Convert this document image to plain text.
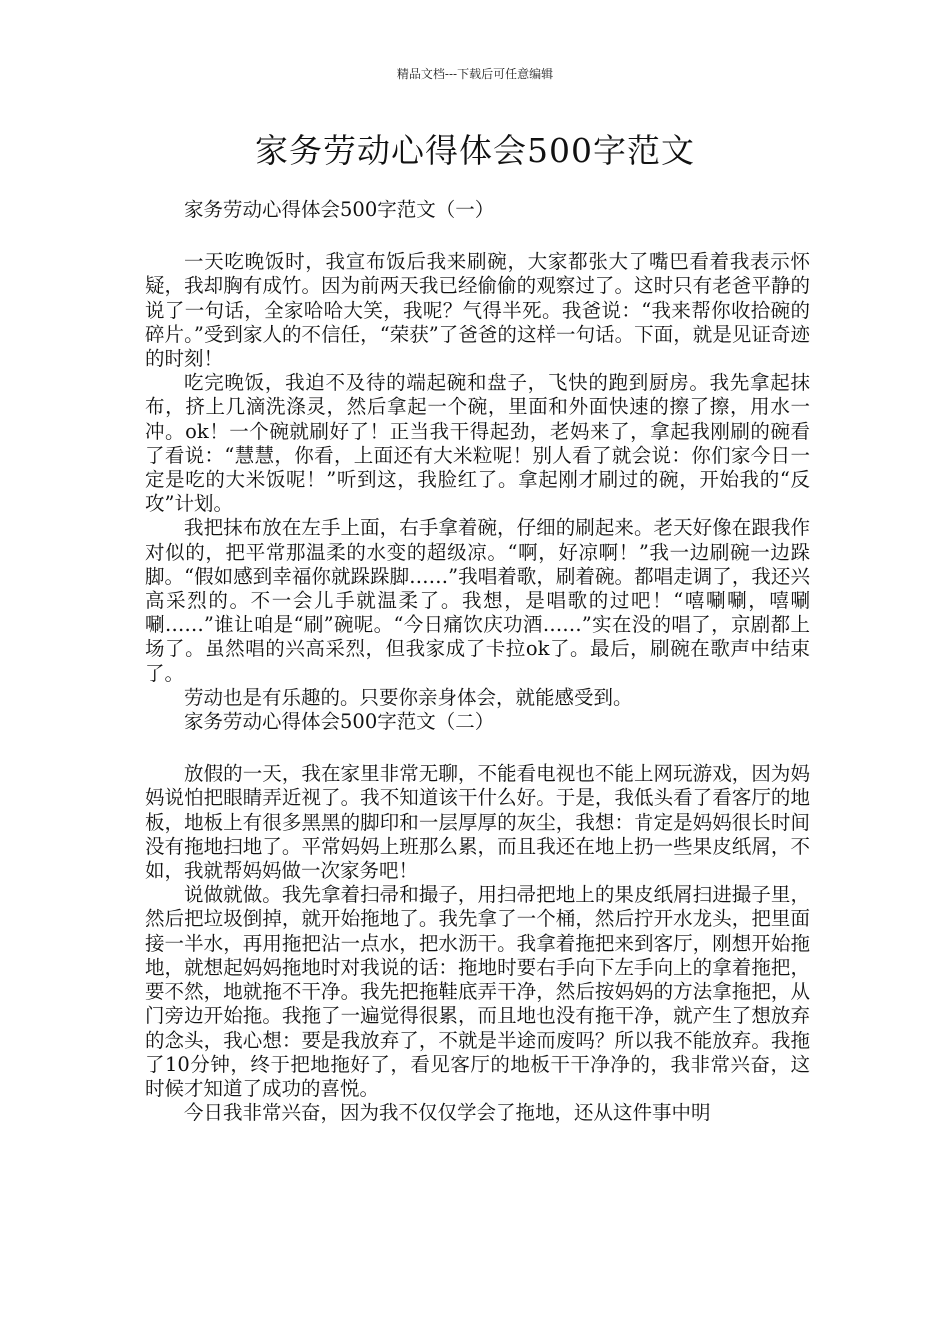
精品文档---下载后可任意编辑
家务劳动心得体会500字范文

家务劳动心得体会500字范文（一）

一天吃晚饭时，我宣布饭后我来刷碗，大家都张大了嘴巴看着我表示怀疑，我却胸有成竹。因为前两天我已经偷偷的观察过了。这时只有老爸平静的说了一句话，全家哈哈大笑，我呢？气得半死。我爸说：“我来帮你收拾碗的碎片。”受到家人的不信任，“荣获”了爸爸的这样一句话。下面，就是见证奇迹的时刻！

吃完晚饭，我迫不及待的端起碗和盘子，飞快的跑到厨房。我先拿起抹布，挤上几滴洗涤灵，然后拿起一个碗，里面和外面快速的擦了擦，用水一冲。ok！一个碗就刷好了！正当我干得起劲，老妈来了，拿起我刚刷的碗看了看说：“慧慧，你看，上面还有大米粒呢！别人看了就会说：你们家今日一定是吃的大米饭呢！”听到这，我脸红了。拿起刚才刷过的碗，开始我的“反攻”计划。

我把抹布放在左手上面，右手拿着碗，仔细的刷起来。老天好像在跟我作对似的，把平常那温柔的水变的超级凉。“啊，好凉啊！”我一边刷碗一边跺脚。“假如感到幸福你就跺跺脚……”我唱着歌，刷着碗。都唱走调了，我还兴高采烈的。不一会儿手就温柔了。我想，是唱歌的过吧！“嘻唰唰，嘻唰唰……”谁让咱是“刷”碗呢。“今日痛饮庆功酒……”实在没的唱了，京剧都上场了。虽然唱的兴高采烈，但我家成了卡拉ok了。最后，刷碗在歌声中结束了。

劳动也是有乐趣的。只要你亲身体会，就能感受到。

家务劳动心得体会500字范文（二）

放假的一天，我在家里非常无聊，不能看电视也不能上网玩游戏，因为妈妈说怕把眼睛弄近视了。我不知道该干什么好。于是，我低头看了看客厅的地板，地板上有很多黑黑的脚印和一层厚厚的灰尘，我想：肯定是妈妈很长时间没有拖地扫地了。平常妈妈上班那么累，而且我还在地上扔一些果皮纸屑，不如，我就帮妈妈做一次家务吧！

说做就做。我先拿着扫帚和撮子，用扫帚把地上的果皮纸屑扫进撮子里，然后把垃圾倒掉，就开始拖地了。我先拿了一个桶，然后拧开水龙头，把里面接一半水，再用拖把沾一点水，把水沥干。我拿着拖把来到客厅，刚想开始拖地，就想起妈妈拖地时对我说的话：拖地时要右手向下左手向上的拿着拖把，要不然，地就拖不干净。我先把拖鞋底弄干净，然后按妈妈的方法拿拖把，从门旁边开始拖。我拖了一遍觉得很累，而且地也没有拖干净，就产生了想放弃的念头，我心想：要是我放弃了，不就是半途而废吗？所以我不能放弃。我拖了10分钟，终于把地拖好了，看见客厅的地板干干净净的，我非常兴奋，这时候才知道了成功的喜悦。

今日我非常兴奋，因为我不仅仅学会了拖地，还从这件事中明
